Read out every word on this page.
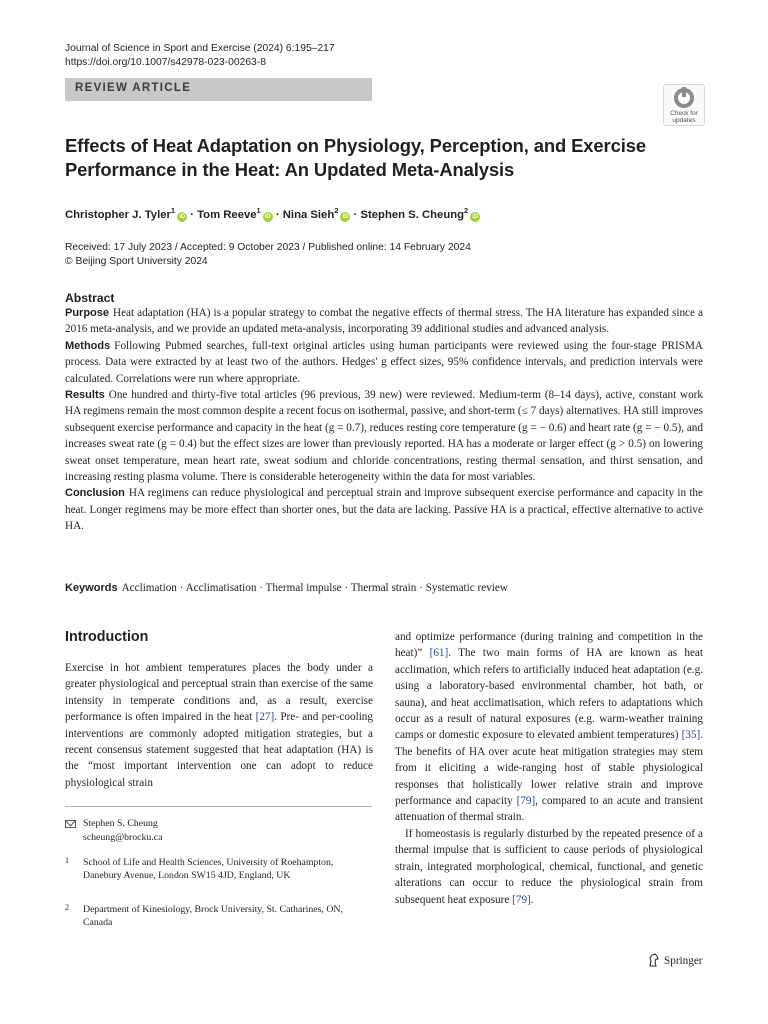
Journal of Science in Sport and Exercise (2024) 6:195–217
https://doi.org/10.1007/s42978-023-00263-8
REVIEW ARTICLE
Check for
updates
Effects of Heat Adaptation on Physiology, Perception, and Exercise Performance in the Heat: An Updated Meta-Analysis
Christopher J. Tyler$^1$iD · Tom Reeve$^1$iD · Nina Sieh$^2$iD · Stephen S. Cheung$^2$iD
Received: 17 July 2023 / Accepted: 9 October 2023 / Published online: 14 February 2024
© Beijing Sport University 2024
Abstract

Purpose Heat adaptation (HA) is a popular strategy to combat the negative effects of thermal stress. The HA literature has expanded since a 2016 meta-analysis, and we provide an updated meta-analysis, incorporating 39 additional studies and advanced analysis.

Methods Following Pubmed searches, full-text original articles using human participants were reviewed using the four-stage PRISMA process. Data were extracted by at least two of the authors. Hedges' g effect sizes, 95% confidence intervals, and prediction intervals were calculated. Correlations were run where appropriate.

Results One hundred and thirty-five total articles (96 previous, 39 new) were reviewed. Medium-term (8–14 days), active, constant work HA regimens remain the most common despite a recent focus on isothermal, passive, and short-term (≤ 7 days) alternatives. HA still improves subsequent exercise performance and capacity in the heat (g = 0.7), reduces resting core temperature (g = − 0.6) and heart rate (g = − 0.5), and increases sweat rate (g = 0.4) but the effect sizes are lower than previously reported. HA has a moderate or larger effect (g > 0.5) on lowering sweat onset temperature, mean heart rate, sweat sodium and chloride concentrations, resting thermal sensation, and thirst sensation, and increasing resting plasma volume. There is considerable heterogeneity within the data for most variables.

Conclusion HA regimens can reduce physiological and perceptual strain and improve subsequent exercise performance and capacity in the heat. Longer regimens may be more effect than shorter ones, but the data are lacking. Passive HA is a practical, effective alternative to active HA.

Keywords Acclimation · Acclimatisation · Thermal impulse · Thermal strain · Systematic review
Introduction

Exercise in hot ambient temperatures places the body under a greater physiological and perceptual strain than exercise of the same intensity in temperate conditions and, as a result, exercise performance is often impaired in the heat [27]. Pre- and per-cooling interventions are commonly adopted mitigation strategies, but a recent consensus statement suggested that heat adaptation (HA) is the “most important intervention one can adopt to reduce physiological strain

and optimize performance (during training and competition in the heat)” [61]. The two main forms of HA are known as heat acclimation, which refers to artificially induced heat adaptation (e.g. using a laboratory-based environmental chamber, hot bath, or sauna), and heat acclimatisation, which refers to adaptations which occur as a result of natural exposures (e.g. warm-weather training camps or domestic exposure to elevated ambient temperatures) [35]. The benefits of HA over acute heat mitigation strategies may stem from it eliciting a wide-ranging host of stable physiological responses that holistically lower relative strain and improve performance and capacity [79], compared to an acute and transient attenuation of thermal strain.

If homeostasis is regularly disturbed by the repeated presence of a thermal impulse that is sufficient to cause periods of physiological strain, integrated morphological, chemical, functional, and genetic alterations can occur to reduce the physiological strain from subsequent heat exposure [79].

Stephen S. Cheung
scheung@brocku.ca
1 School of Life and Health Sciences, University of Roehampton, Danebury Avenue, London SW15 4JD, England, UK
2 Department of Kinesiology, Brock University, St. Catharines, ON, Canada
Springer
